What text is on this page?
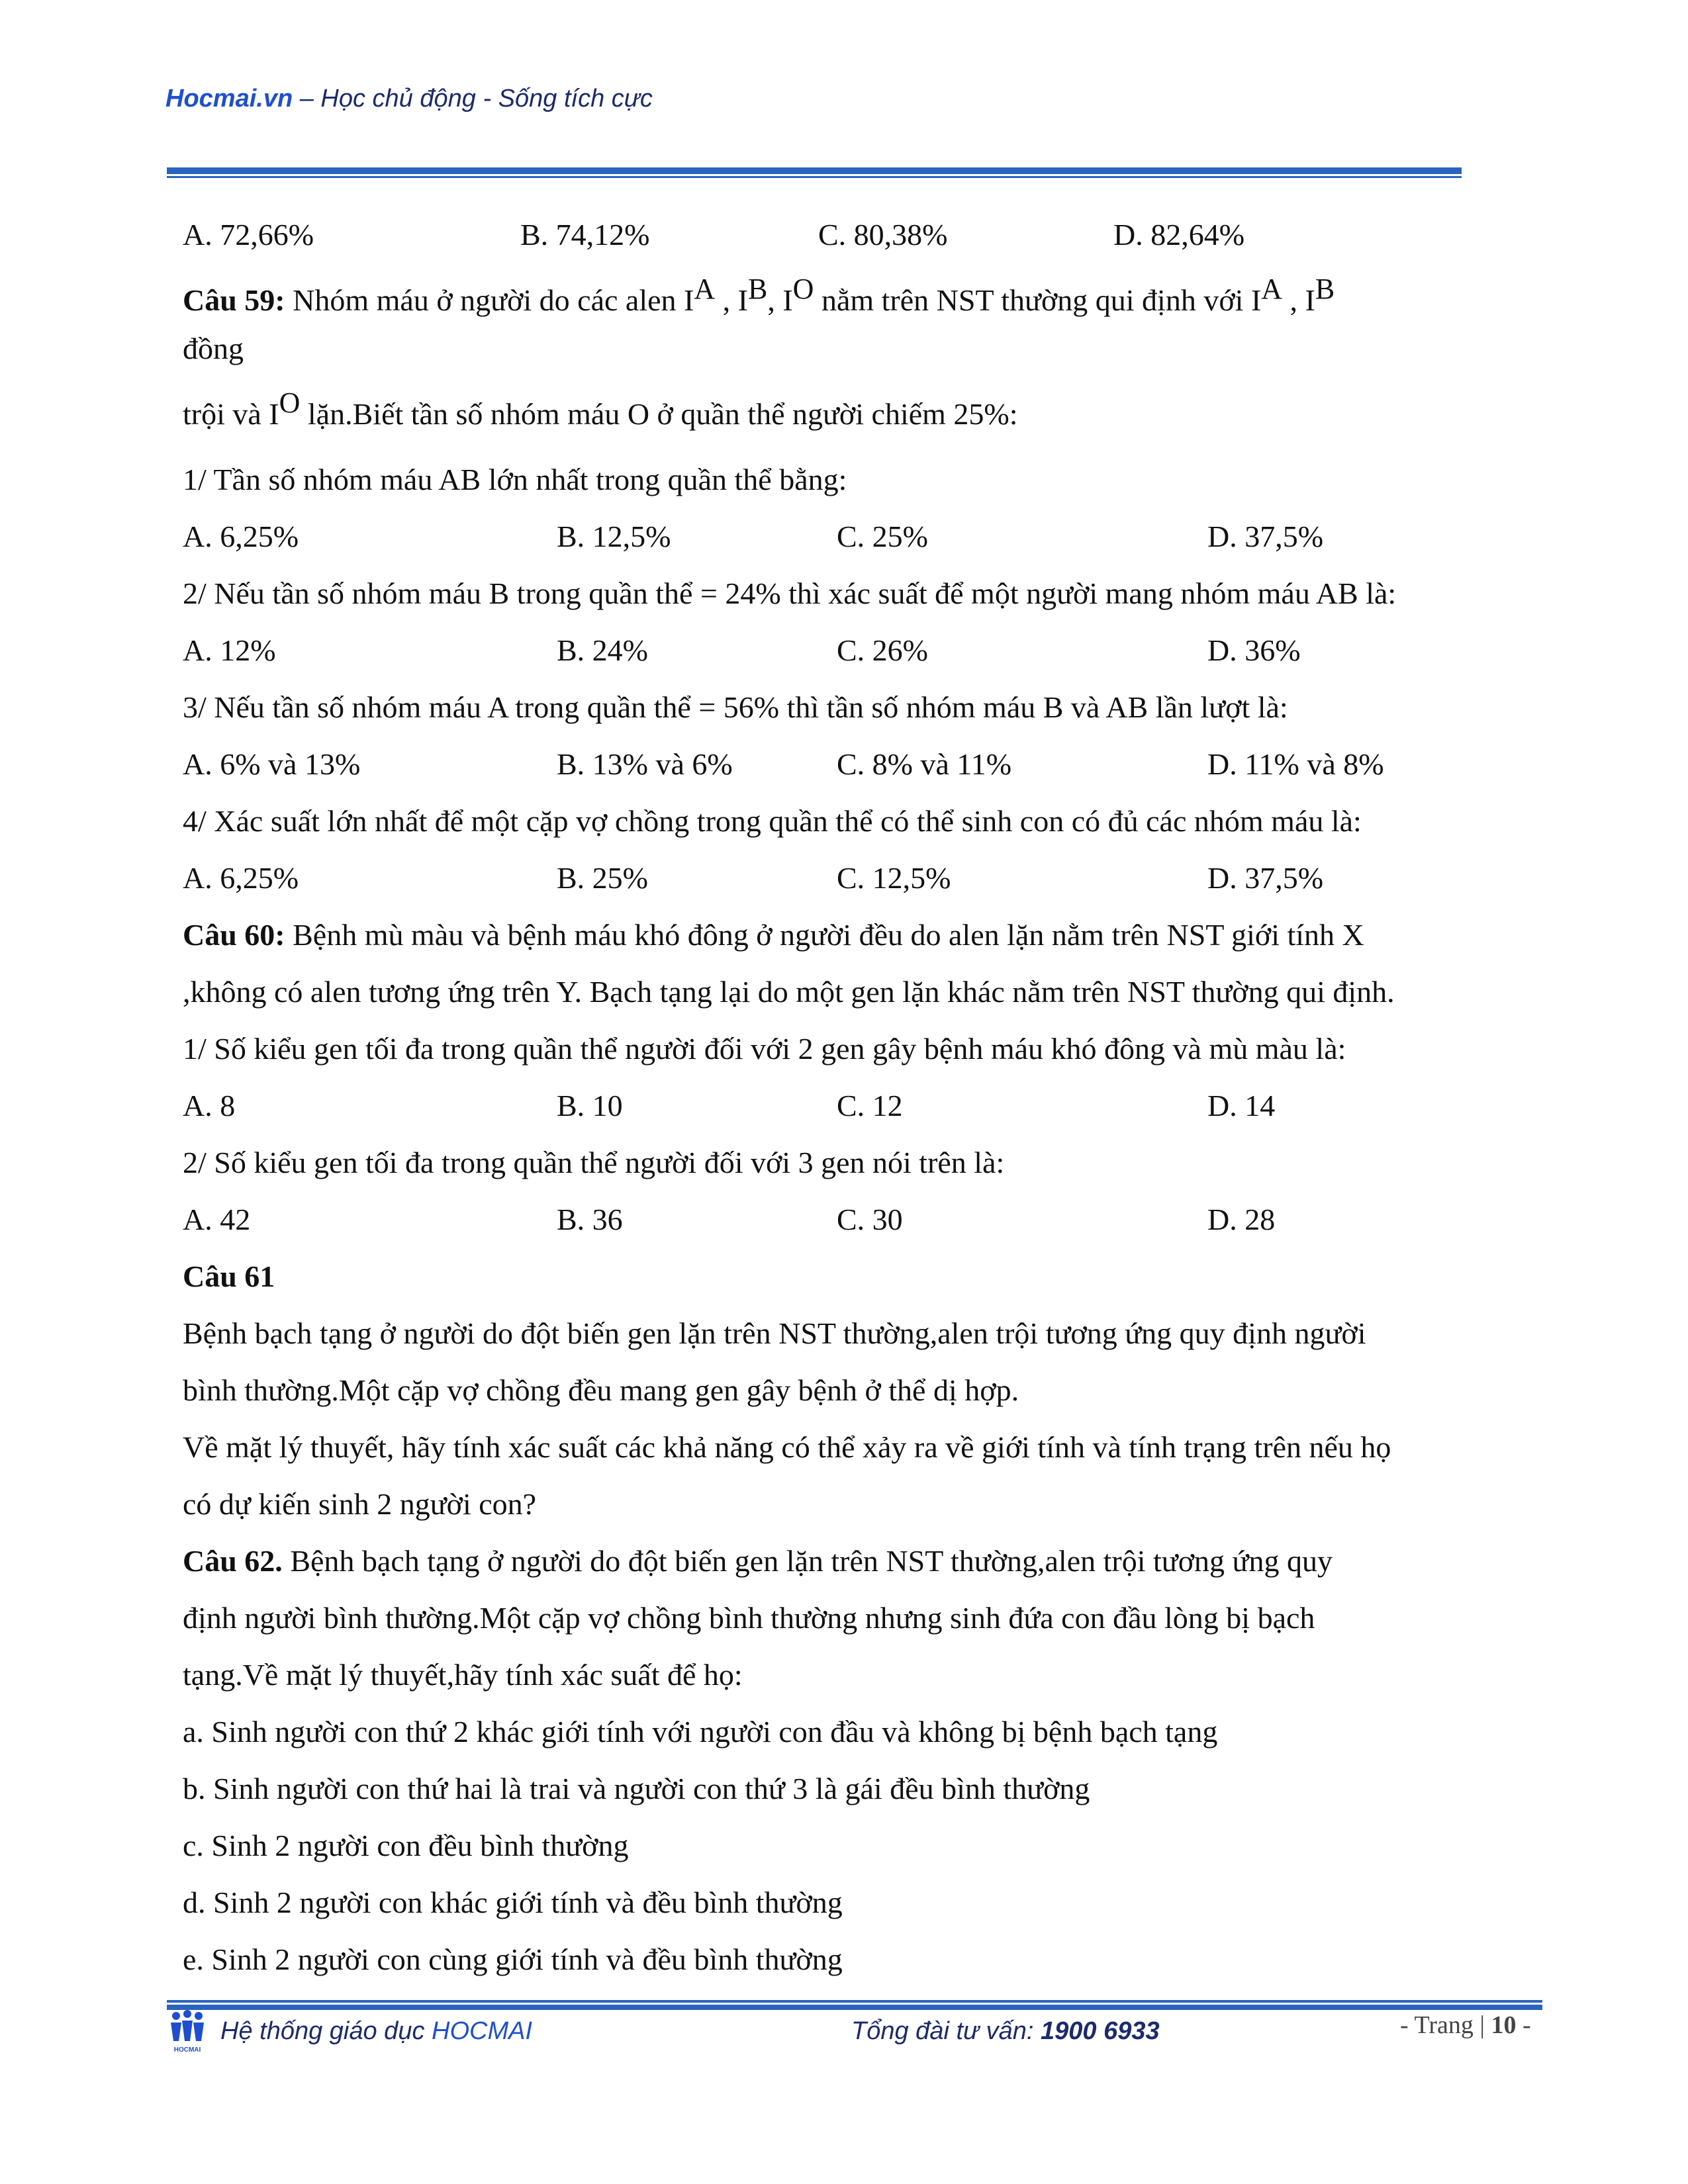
Hocmai.vn – Học chủ động - Sống tích cực
A. 72,66%	B. 74,12%	C. 80,38%	D. 82,64%
Câu 59: Nhóm máu ở người do các alen $I^A$ , $I^B$, $I^O$ nằm trên NST thường qui định với $I^A$ , $I^B$
đồng
trội và $I^O$ lặn.Biết tần số nhóm máu O ở quần thể người chiếm 25%:
1/ Tần số nhóm máu AB lớn nhất trong quần thể bằng:
A. 6,25%	B. 12,5%	C. 25%	D. 37,5%
2/ Nếu tần số nhóm máu B trong quần thể = 24% thì xác suất để một người mang nhóm máu AB là:
A. 12%	B. 24%	C. 26%	D. 36%
3/ Nếu tần số nhóm máu A trong quần thể = 56% thì tần số nhóm máu B và AB lần lượt là:
A. 6% và 13%	B. 13% và 6%	C. 8% và 11%	D. 11% và 8%
4/ Xác suất lớn nhất để một cặp vợ chồng trong quần thể có thể sinh con có đủ các nhóm máu là:
A. 6,25%	B. 25%	C. 12,5%	D. 37,5%
Câu 60: Bệnh mù màu và bệnh máu khó đông ở người đều do alen lặn nằm trên NST giới tính X
,không có alen tương ứng trên Y. Bạch tạng lại do một gen lặn khác nằm trên NST thường qui định.
1/ Số kiểu gen tối đa trong quần thể người đối với 2 gen gây bệnh máu khó đông và mù màu là:
A. 8	B. 10	C. 12	D. 14
2/ Số kiểu gen tối đa trong quần thể người đối với 3 gen nói trên là:
A. 42	B. 36	C. 30	D. 28
Câu 61
Bệnh bạch tạng ở người do đột biến gen lặn trên NST thường,alen trội tương ứng quy định người
bình thường.Một cặp vợ chồng đều mang gen gây bệnh ở thể dị hợp.
Về mặt lý thuyết, hãy tính xác suất các khả năng có thể xảy ra về giới tính và tính trạng trên nếu họ
có dự kiến sinh 2 người con?
Câu 62. Bệnh bạch tạng ở người do đột biến gen lặn trên NST thường,alen trội tương ứng quy
định người bình thường.Một cặp vợ chồng bình thường nhưng sinh đứa con đầu lòng bị bạch
tạng.Về mặt lý thuyết,hãy tính xác suất để họ:
a. Sinh người con thứ 2 khác giới tính với người con đầu và không bị bệnh bạch tạng
b. Sinh người con thứ hai là trai và người con thứ 3 là gái đều bình thường
c. Sinh 2 người con đều bình thường
d. Sinh 2 người con khác giới tính và đều bình thường
e. Sinh 2 người con cùng giới tính và đều bình thường
HOCMAI
Hệ thống giáo dục HOCMAI	Tổng đài tư vấn: 1900 6933	- Trang | 10 -
